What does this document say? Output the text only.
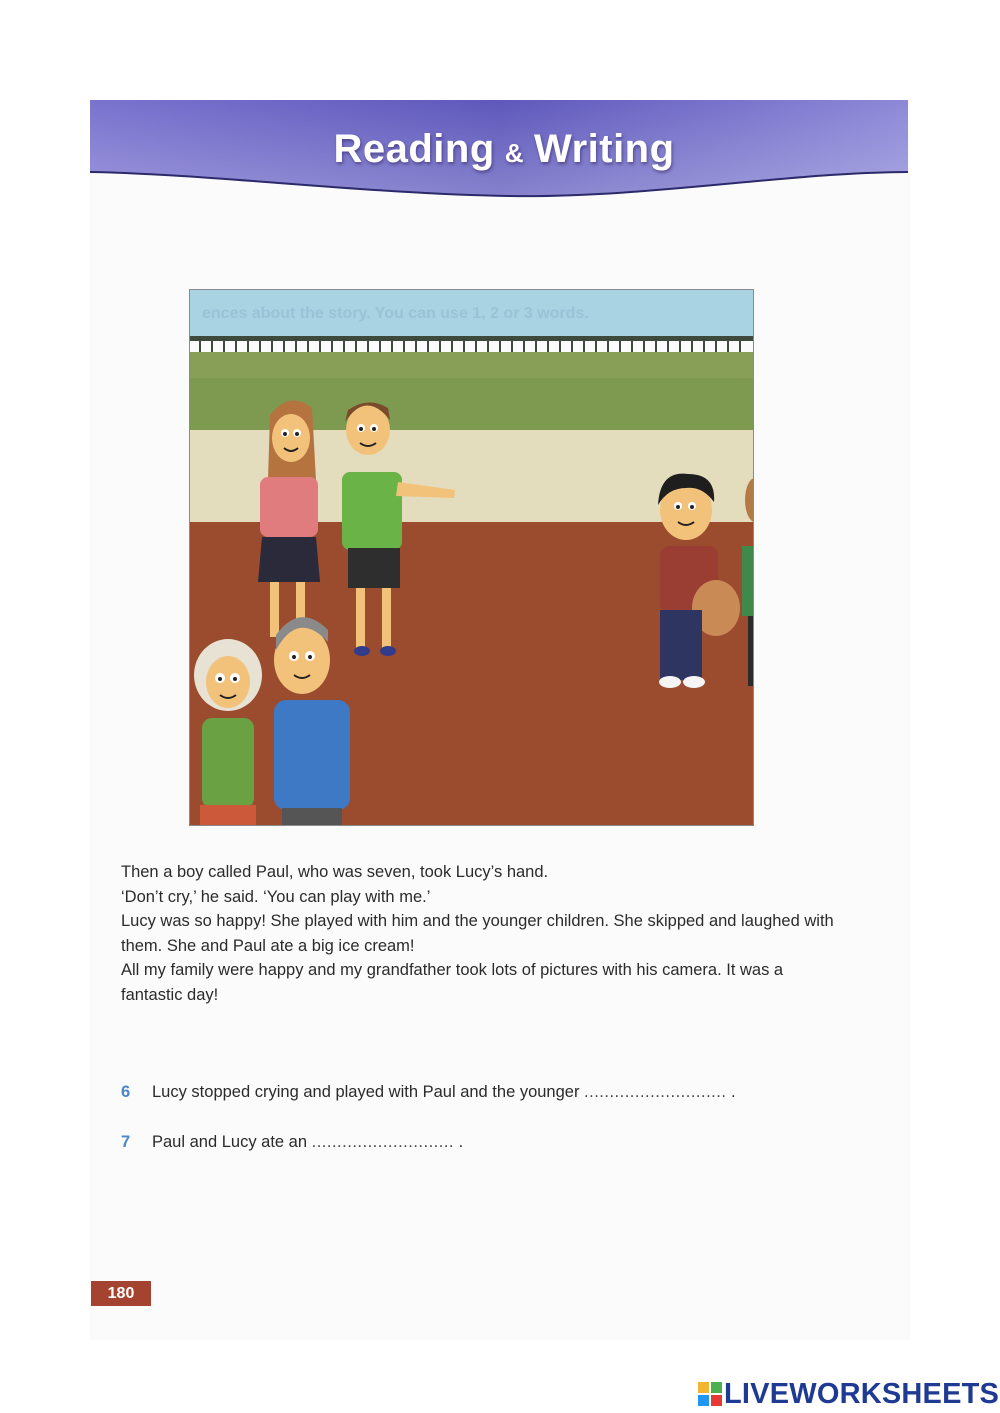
Reading & Writing
ences about the story. You can use 1, 2 or 3 words.

Then a boy called Paul, who was seven, took Lucy’s hand.

‘Don’t cry,’ he said. ‘You can play with me.’

Lucy was so happy! She played with him and the younger children. She skipped and laughed with them. She and Paul ate a big ice cream!

All my family were happy and my grandfather took lots of pictures with his camera. It was a fantastic day!

6 Lucy stopped crying and played with Paul and the younger ............................ .
7 Paul and Lucy ate an ............................ .
180
LIVEWORKSHEETS
